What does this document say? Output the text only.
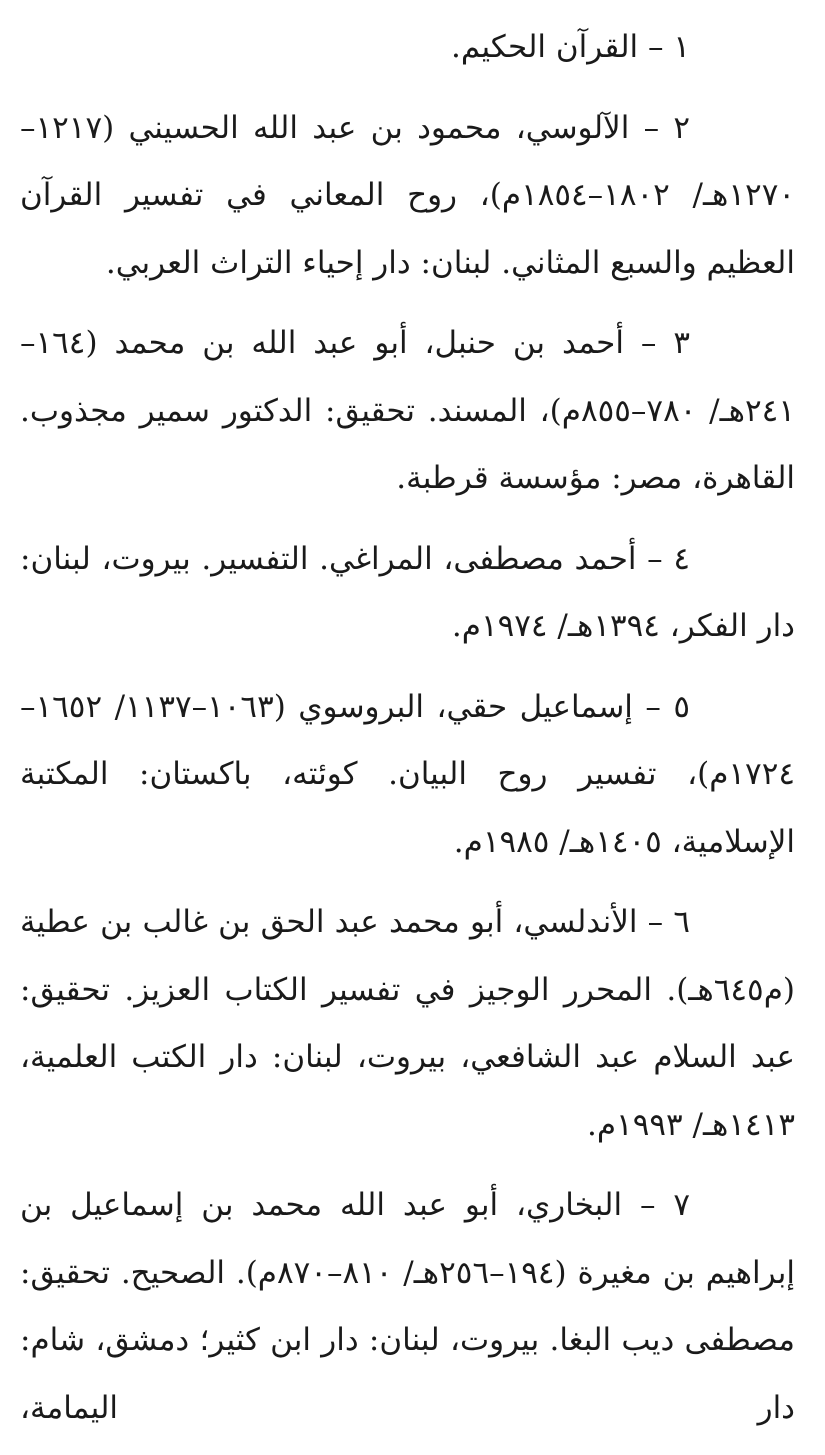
١ – القرآن الحكيم.

٢ – الآلوسي، محمود بن عبد الله الحسيني (١٢١٧–١٢٧٠هـ/ ١٨٠٢–١٨٥٤م)، روح المعاني في تفسير القرآن العظيم والسبع المثاني. لبنان: دار إحياء التراث العربي.

٣ – أحمد بن حنبل، أبو عبد الله بن محمد (١٦٤–٢٤١هـ/ ٧٨٠–٨٥٥م)، المسند. تحقيق: الدكتور سمير مجذوب. القاهرة، مصر: مؤسسة قرطبة.

٤ – أحمد مصطفى، المراغي. التفسير. بيروت، لبنان: دار الفكر، ١٣٩٤هـ/ ١٩٧٤م.

٥ – إسماعيل حقي، البروسوي (١٠٦٣–١١٣٧/ ١٦٥٢–١٧٢٤م)، تفسير روح البيان. كوئته، باكستان: المكتبة الإسلامية، ١٤٠٥هـ/ ١٩٨٥م.

٦ – الأندلسي، أبو محمد عبد الحق بن غالب بن عطية (م٦٤٥هـ). المحرر الوجيز في تفسير الكتاب العزيز. تحقيق: عبد السلام عبد الشافعي، بيروت، لبنان: دار الكتب العلمية، ١٤١٣هـ/ ١٩٩٣م.

٧ – البخاري، أبو عبد الله محمد بن إسماعيل بن إبراهيم بن مغيرة (١٩٤–٢٥٦هـ/ ٨١٠–٨٧٠م). الصحيح. تحقيق: مصطفى ديب البغا. بيروت، لبنان: دار ابن كثير؛ دمشق، شام: دار اليمامة،
